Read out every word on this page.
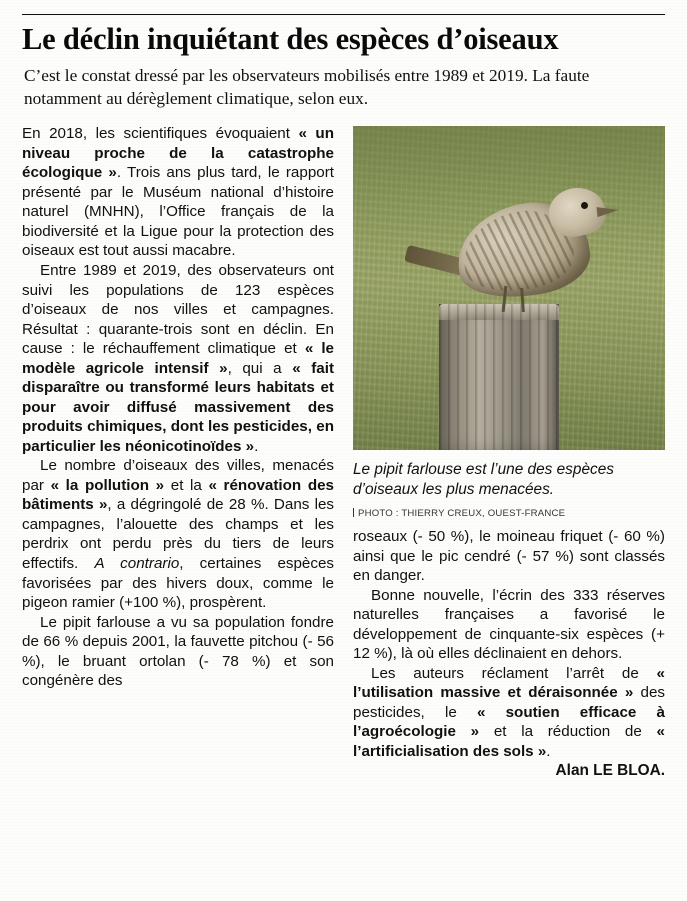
Le déclin inquiétant des espèces d’oiseaux

C’est le constat dressé par les observateurs mobilisés entre 1989 et 2019. La faute notamment au dérèglement climatique, selon eux.

Le pipit farlouse est l’une des espèces d’oiseaux les plus menacées.

PHOTO : THIERRY CREUX, OUEST-FRANCE

En 2018, les scientifiques évoquaient « un niveau proche de la catastrophe écologique ». Trois ans plus tard, le rapport présenté par le Muséum national d’histoire naturel (MNHN), l’Office français de la biodiversité et la Ligue pour la protection des oiseaux est tout aussi macabre.

Entre 1989 et 2019, des observateurs ont suivi les populations de 123 espèces d’oiseaux de nos villes et campagnes. Résultat : quarante-trois sont en déclin. En cause : le réchauffement climatique et « le modèle agricole intensif », qui a « fait disparaître ou transformé leurs habitats et pour avoir diffusé massivement des produits chimiques, dont les pesticides, en particulier les néonicotinoïdes ».

Le nombre d’oiseaux des villes, menacés par « la pollution » et la « rénovation des bâtiments », a dégringolé de 28 %. Dans les campagnes, l’alouette des champs et les perdrix ont perdu près du tiers de leurs effectifs. A contrario, certaines espèces favorisées par des hivers doux, comme le pigeon ramier (+100 %), prospèrent.

Le pipit farlouse a vu sa population fondre de 66 % depuis 2001, la fauvette pitchou (- 56 %), le bruant ortolan (- 78 %) et son congénère des

roseaux (- 50 %), le moineau friquet (- 60 %) ainsi que le pic cendré (- 57 %) sont classés en danger.

Bonne nouvelle, l’écrin des 333 réserves naturelles françaises a favorisé le développement de cinquante-six espèces (+ 12 %), là où elles déclinaient en dehors.

Les auteurs réclament l’arrêt de « l’utilisation massive et déraisonnée » des pesticides, le « soutien efficace à l’agroécologie » et la réduction de « l’artificialisation des sols ».

Alan LE BLOA.
